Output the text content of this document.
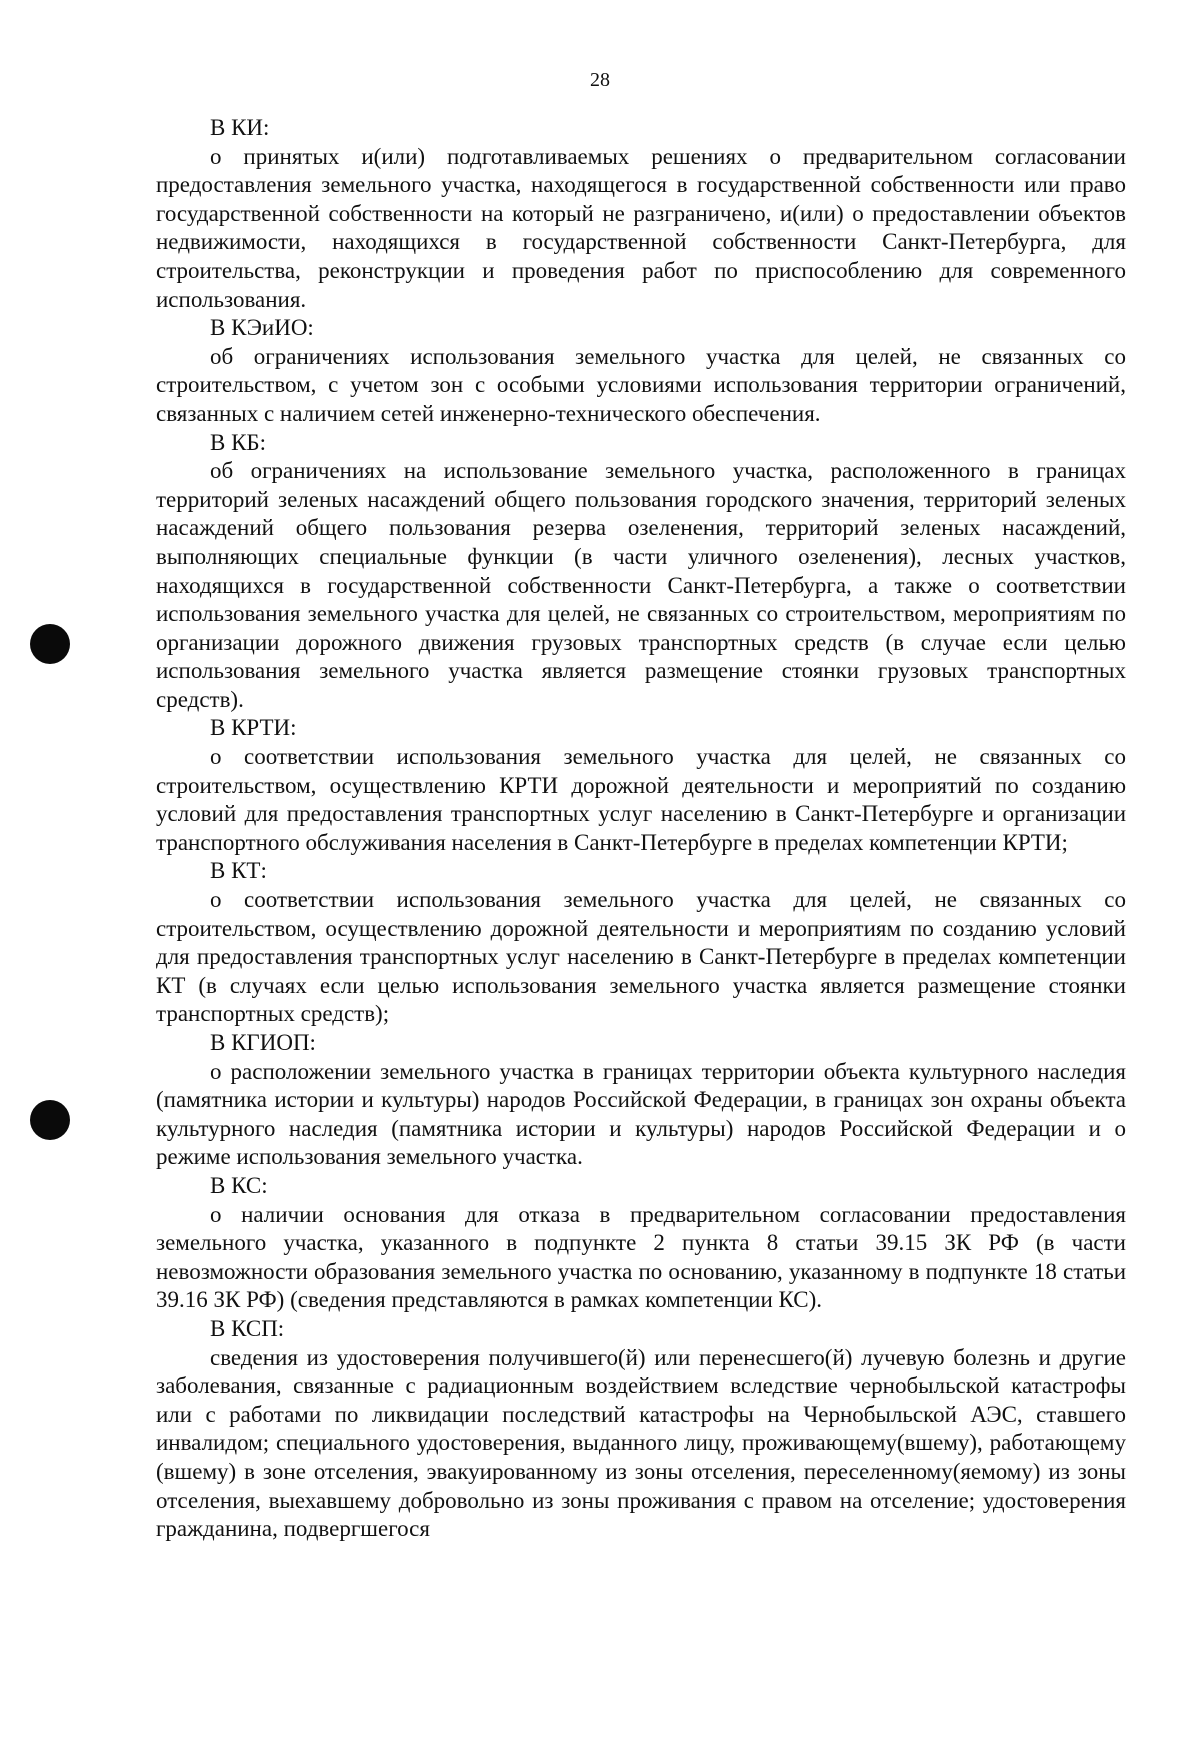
28

В КИ:

о принятых и(или) подготавливаемых решениях о предварительном согласовании предоставления земельного участка, находящегося в государственной собственности или право государственной собственности на который не разграничено, и(или) о предоставлении объектов недвижимости, находящихся в государственной собственности Санкт-Петербурга, для строительства, реконструкции и проведения работ по приспособлению для современного использования.

В КЭиИО:

об ограничениях использования земельного участка для целей, не связанных со строительством, с учетом зон с особыми условиями использования территории ограничений, связанных с наличием сетей инженерно-технического обеспечения.

В КБ:

об ограничениях на использование земельного участка, расположенного в границах территорий зеленых насаждений общего пользования городского значения, территорий зеленых насаждений общего пользования резерва озеленения, территорий зеленых насаждений, выполняющих специальные функции (в части уличного озеленения), лесных участков, находящихся в государственной собственности Санкт-Петербурга, а также о соответствии использования земельного участка для целей, не связанных со строительством, мероприятиям по организации дорожного движения грузовых транспортных средств (в случае если целью использования земельного участка является размещение стоянки грузовых транспортных средств).

В КРТИ:

о соответствии использования земельного участка для целей, не связанных со строительством, осуществлению КРТИ дорожной деятельности и мероприятий по созданию условий для предоставления транспортных услуг населению в Санкт-Петербурге и организации транспортного обслуживания населения в Санкт-Петербурге в пределах компетенции КРТИ;

В КТ:

о соответствии использования земельного участка для целей, не связанных со строительством, осуществлению дорожной деятельности и мероприятиям по созданию условий для предоставления транспортных услуг населению в Санкт-Петербурге в пределах компетенции КТ (в случаях если целью использования земельного участка является размещение стоянки транспортных средств);

В КГИОП:

о расположении земельного участка в границах территории объекта культурного наследия (памятника истории и культуры) народов Российской Федерации, в границах зон охраны объекта культурного наследия (памятника истории и культуры) народов Российской Федерации и о режиме использования земельного участка.

В КС:

о наличии основания для отказа в предварительном согласовании предоставления земельного участка, указанного в подпункте 2 пункта 8 статьи 39.15 ЗК РФ (в части невозможности образования земельного участка по основанию, указанному в подпункте 18 статьи 39.16 ЗК РФ) (сведения представляются в рамках компетенции КС).

В КСП:

сведения из удостоверения получившего(й) или перенесшего(й) лучевую болезнь и другие заболевания, связанные с радиационным воздействием вследствие чернобыльской катастрофы или с работами по ликвидации последствий катастрофы на Чернобыльской АЭС, ставшего инвалидом; специального удостоверения, выданного лицу, проживающему(вшему), работающему (вшему) в зоне отселения, эвакуированному из зоны отселения, переселенному(яемому) из зоны отселения, выехавшему добровольно из зоны проживания с правом на отселение; удостоверения гражданина, подвергшегося
